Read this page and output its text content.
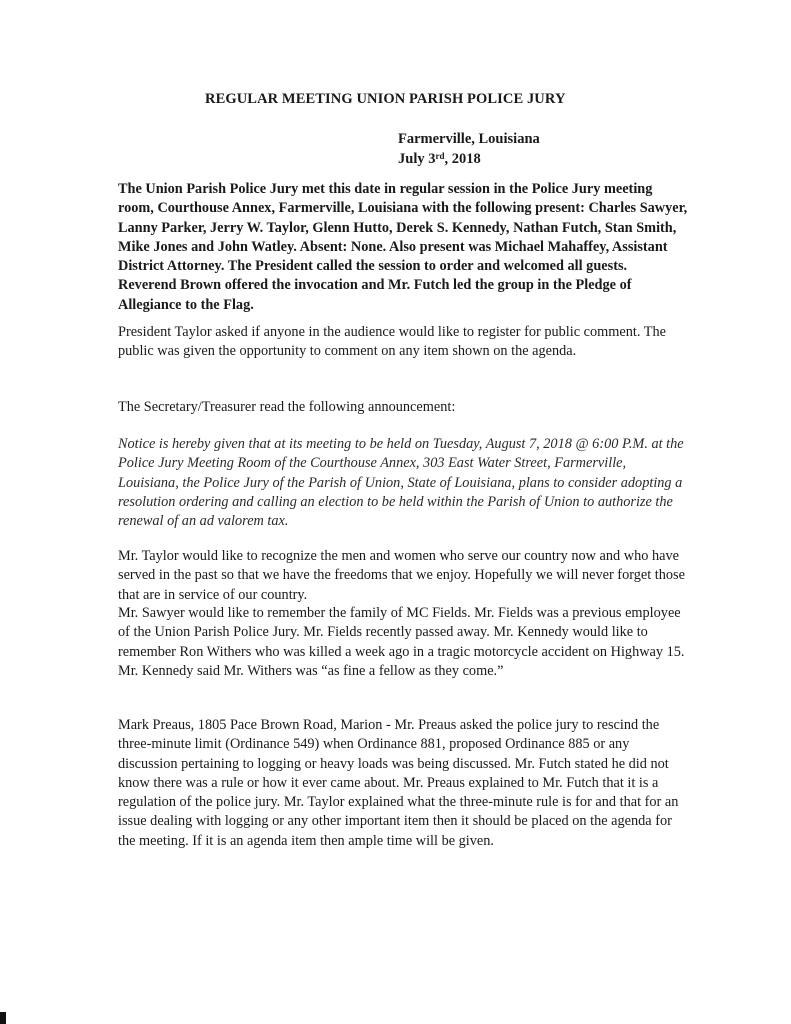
REGULAR MEETING UNION PARISH POLICE JURY
Farmerville, Louisiana
July 3rd, 2018

The Union Parish Police Jury met this date in regular session in the Police Jury meeting room, Courthouse Annex, Farmerville, Louisiana with the following present: Charles Sawyer, Lanny Parker, Jerry W. Taylor, Glenn Hutto, Derek S. Kennedy, Nathan Futch, Stan Smith, Mike Jones and John Watley. Absent: None. Also present was Michael Mahaffey, Assistant District Attorney. The President called the session to order and welcomed all guests. Reverend Brown offered the invocation and Mr. Futch led the group in the Pledge of Allegiance to the Flag.

President Taylor asked if anyone in the audience would like to register for public comment. The public was given the opportunity to comment on any item shown on the agenda.

The Secretary/Treasurer read the following announcement:

Notice is hereby given that at its meeting to be held on Tuesday, August 7, 2018 @ 6:00 P.M. at the Police Jury Meeting Room of the Courthouse Annex, 303 East Water Street, Farmerville, Louisiana, the Police Jury of the Parish of Union, State of Louisiana, plans to consider adopting a resolution ordering and calling an election to be held within the Parish of Union to authorize the renewal of an ad valorem tax.

Mr. Taylor would like to recognize the men and women who serve our country now and who have served in the past so that we have the freedoms that we enjoy. Hopefully we will never forget those that are in service of our country.

Mr. Sawyer would like to remember the family of MC Fields. Mr. Fields was a previous employee of the Union Parish Police Jury. Mr. Fields recently passed away. Mr. Kennedy would like to remember Ron Withers who was killed a week ago in a tragic motorcycle accident on Highway 15. Mr. Kennedy said Mr. Withers was “as fine a fellow as they come.”

Mark Preaus, 1805 Pace Brown Road, Marion - Mr. Preaus asked the police jury to rescind the three-minute limit (Ordinance 549) when Ordinance 881, proposed Ordinance 885 or any discussion pertaining to logging or heavy loads was being discussed. Mr. Futch stated he did not know there was a rule or how it ever came about. Mr. Preaus explained to Mr. Futch that it is a regulation of the police jury. Mr. Taylor explained what the three-minute rule is for and that for an issue dealing with logging or any other important item then it should be placed on the agenda for the meeting. If it is an agenda item then ample time will be given.
